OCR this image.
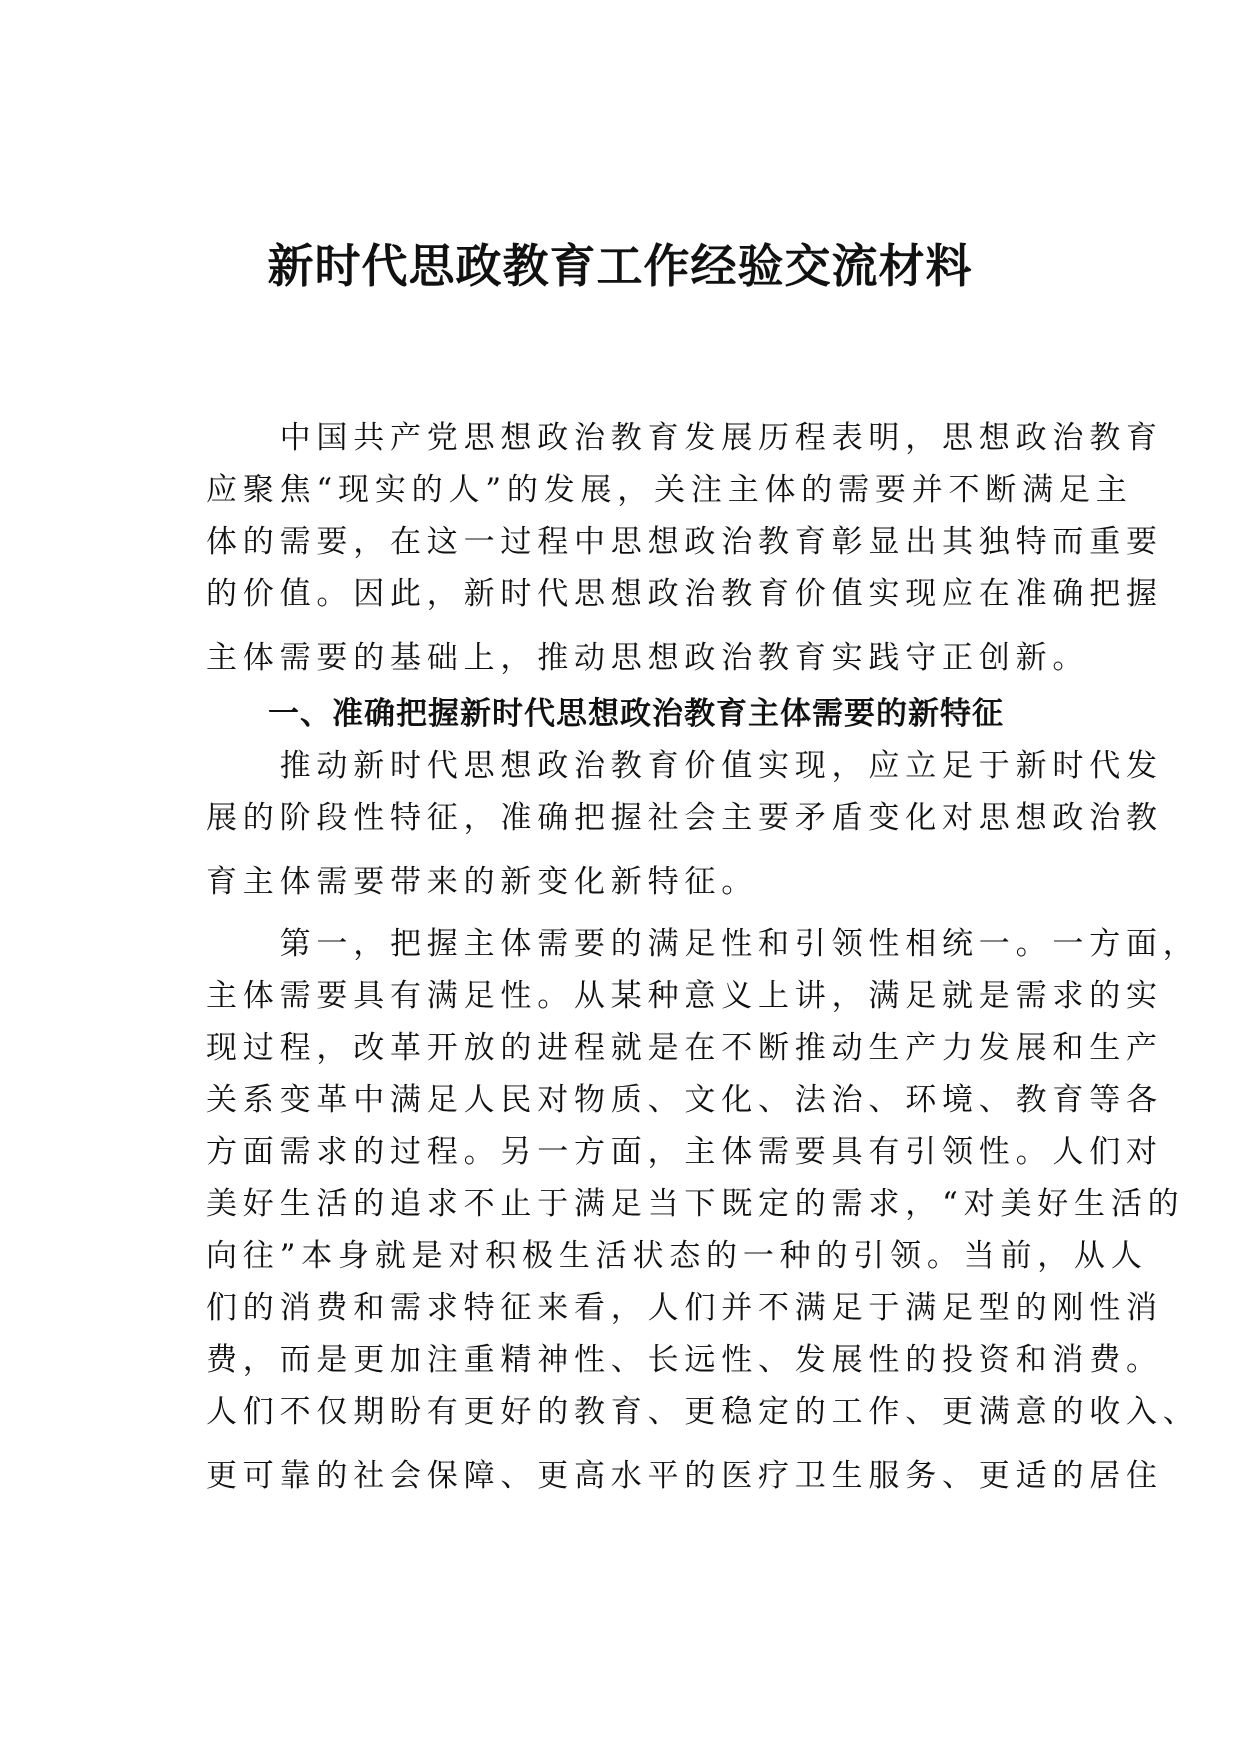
新时代思政教育工作经验交流材料

　　中国共产党思想政治教育发展历程表明，思想政治教育
应聚焦“现实的人”的发展，关注主体的需要并不断满足主
体的需要，在这一过程中思想政治教育彰显出其独特而重要
的价值。因此，新时代思想政治教育价值实现应在准确把握
主体需要的基础上，推动思想政治教育实践守正创新。

一、准确把握新时代思想政治教育主体需要的新特征

　　推动新时代思想政治教育价值实现，应立足于新时代发
展的阶段性特征，准确把握社会主要矛盾变化对思想政治教
育主体需要带来的新变化新特征。

　　第一，把握主体需要的满足性和引领性相统一。一方面，
主体需要具有满足性。从某种意义上讲，满足就是需求的实
现过程，改革开放的进程就是在不断推动生产力发展和生产
关系变革中满足人民对物质、文化、法治、环境、教育等各
方面需求的过程。另一方面，主体需要具有引领性。人们对
美好生活的追求不止于满足当下既定的需求，“对美好生活的
向往”本身就是对积极生活状态的一种的引领。当前，从人
们的消费和需求特征来看，人们并不满足于满足型的刚性消
费，而是更加注重精神性、长远性、发展性的投资和消费。
人们不仅期盼有更好的教育、更稳定的工作、更满意的收入、
更可靠的社会保障、更高水平的医疗卫生服务、更适的居住
